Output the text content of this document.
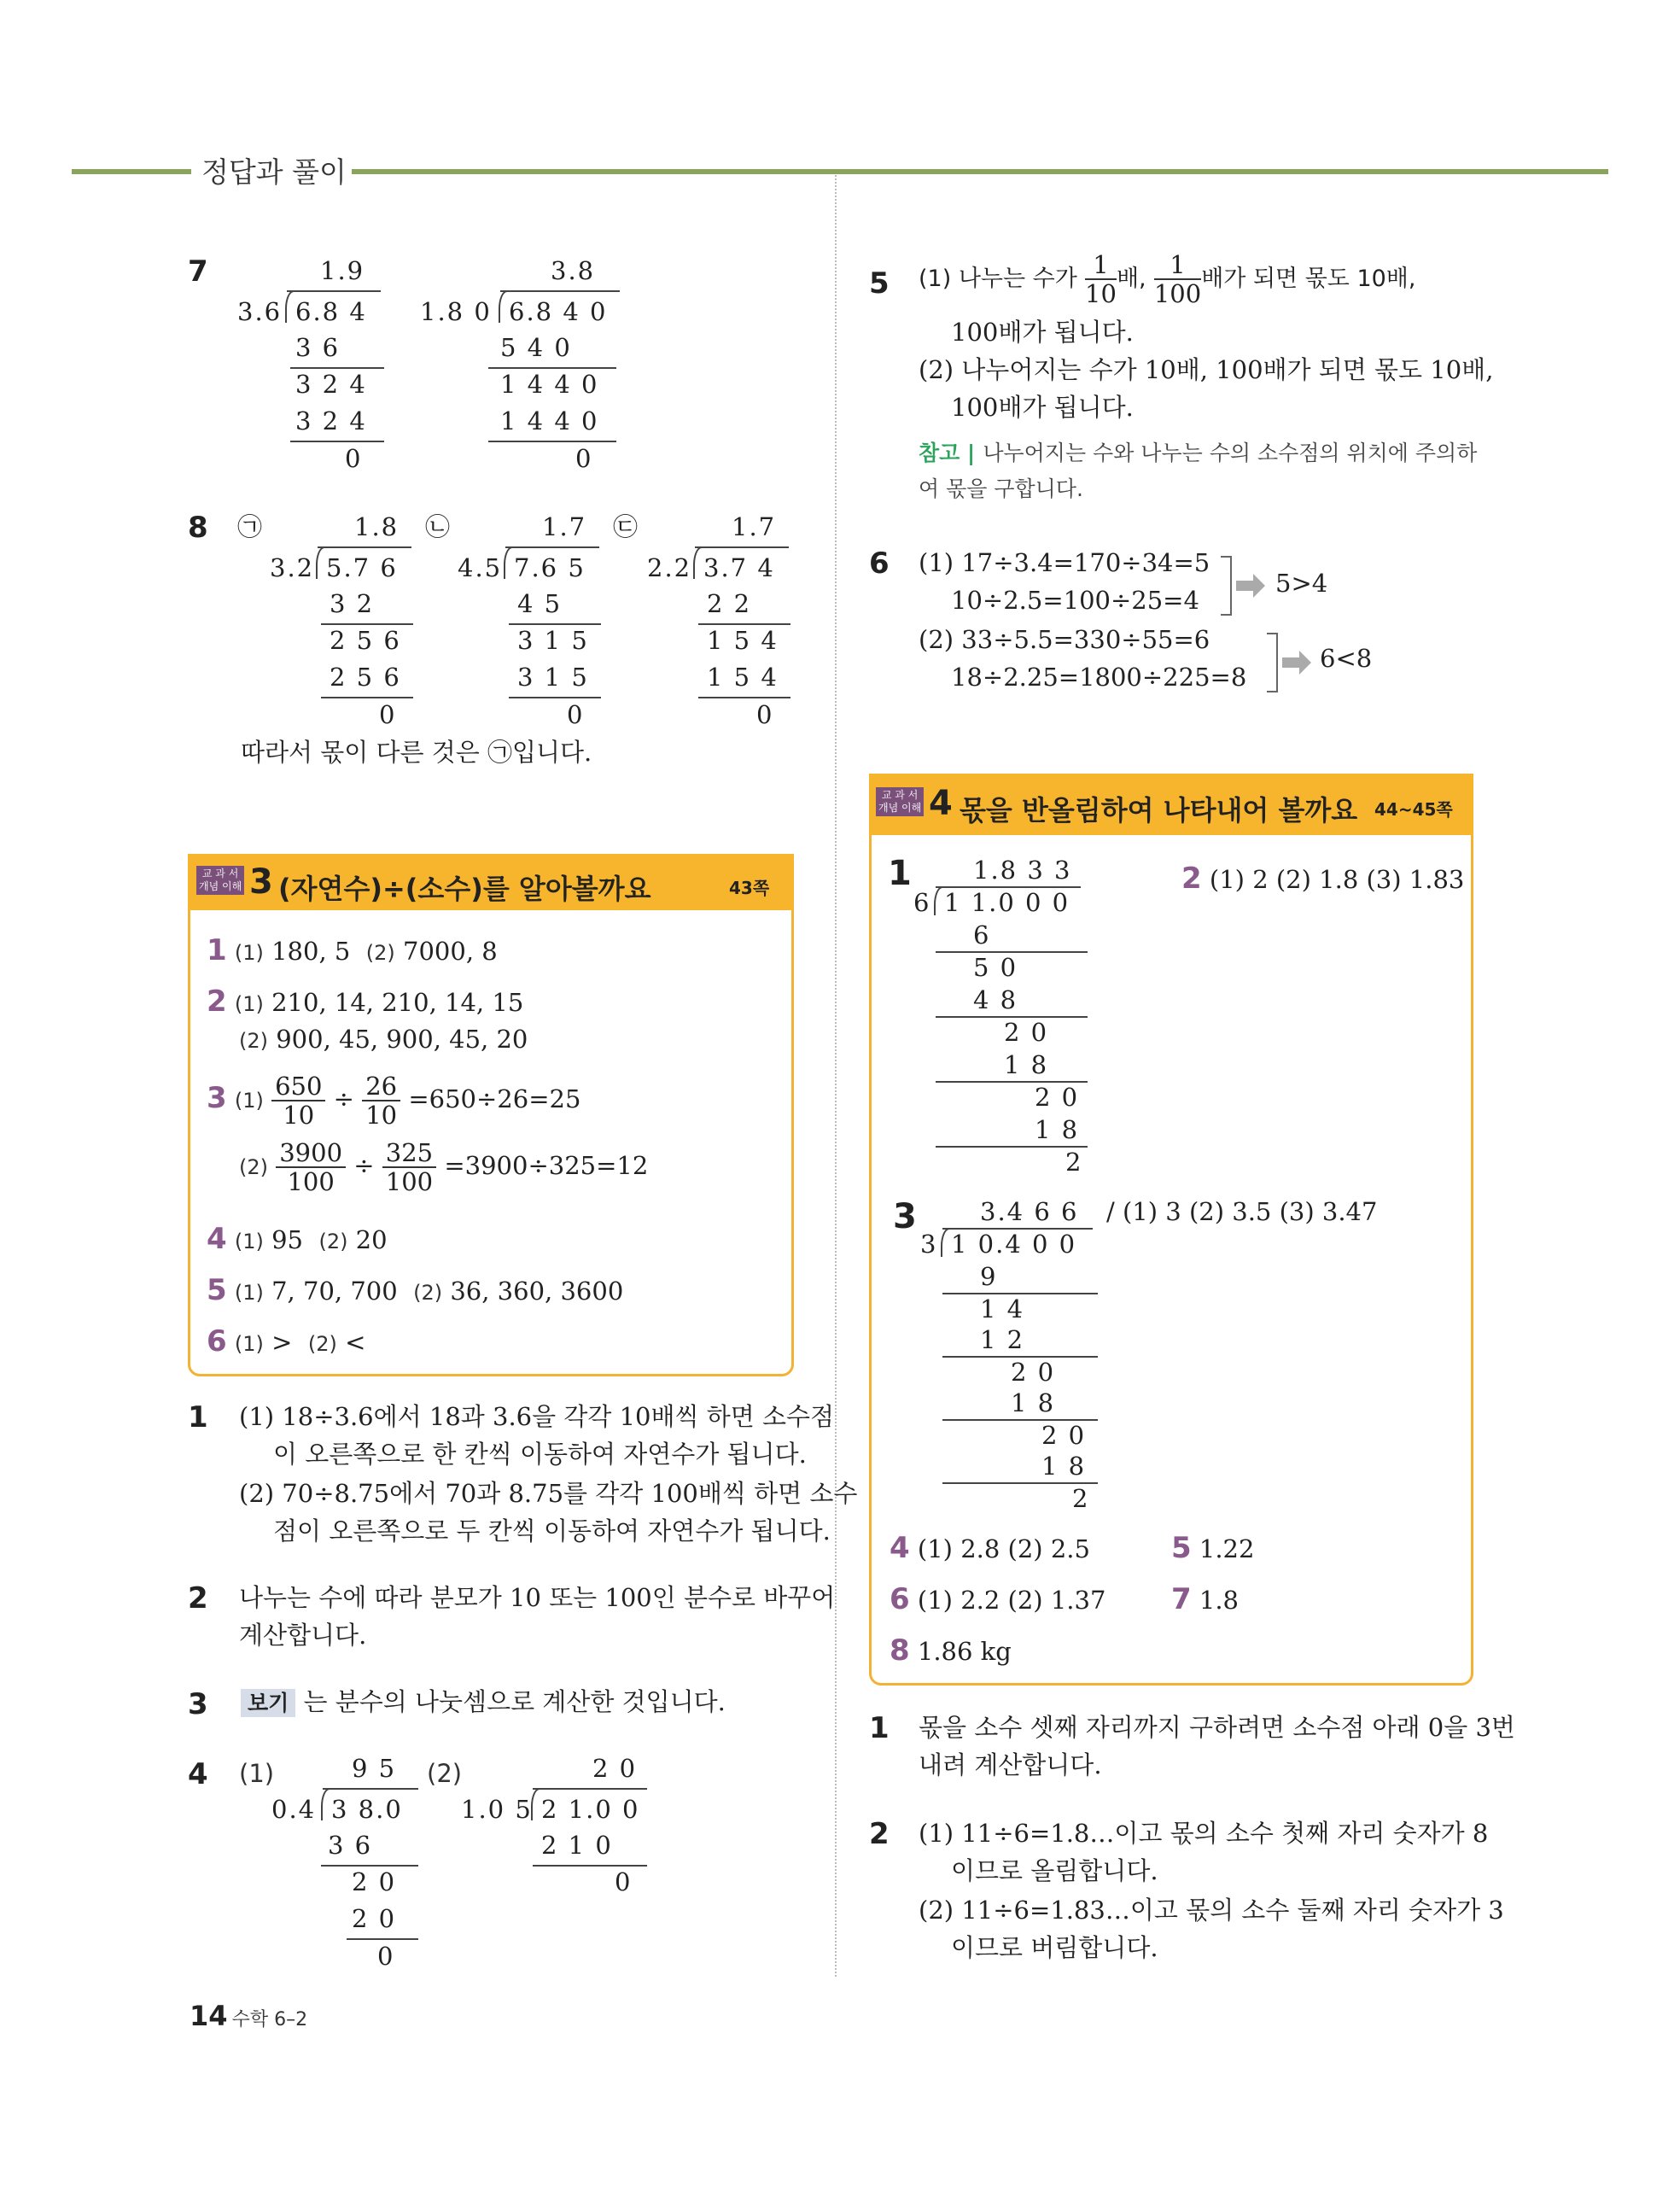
정답과 풀이
7	1.9
3.6 6.8 4
3 6
3 2 4
3 2 4
0
3.8
1.8 0 6.8 4 0
5 4 0
1 4 4 0
1 4 4 0
0
8 ㉠	㉡	㉢
1.8
3.2 5.7 6
3 2
2 5 6
2 5 6
0
1.7
4.5 7.6 5
4 5
3 1 5
3 1 5
0
1.7
2.2 3.7 4
2 2
1 5 4
1 5 4
0
따라서 몫이 다른 것은 ㉠입니다.
교 과 서
개념 이해 3 (자연수)÷(소수)를 알아볼까요	43쪽
1 (1) 180, 5 (2) 7000, 8
2 (1) 210, 14, 210, 14, 15
(2) 900, 45, 900, 45, 20
3 $(1) \frac{650}{10} \div \frac{26}{10} =650\div 26=25$
$(2) \frac{3900}{100} \div \frac{325}{100} =3900\div 325=12$
4 (1) 95 (2) 20
5 (1) 7, 70, 700 (2) 36, 360, 3600
6 (1) > (2) <
1 (1) 18÷3.6에서 18과 3.6을 각각 10배씩 하면 소수점
이 오른쪽으로 한 칸씩 이동하여 자연수가 됩니다.
(2) 70÷8.75에서 70과 8.75를 각각 100배씩 하면 소수
점이 오른쪽으로 두 칸씩 이동하여 자연수가 됩니다.
2 나누는 수에 따라 분모가 10 또는 100인 분수로 바꾸어
계산합니다.
3	보기 는 분수의 나눗셈으로 계산한 것입니다.
4 (1)	(2)
9 5
0.4 3 8.0
3 6
2 0
2 0
0
2 0
1.0 5 2 1.0 0
2 1 0
0
14 수학 6–2
5 (1) 나누는 수가 $\frac{1}{10}$ 배, $\frac{1}{100}$ 배가 되면 몫도 10배,
100배가 됩니다.
(2) 나누어지는 수가 10배, 100배가 되면 몫도 10배,
100배가 됩니다.
참고 | 나누어지는 수와 나누는 수의 소수점의 위치에 주의하
여 몫을 구합니다.
6 (1) 17÷3.4=170÷34=5
10÷2.5=100÷25=4
5>4
(2) 33÷5.5=330÷55=6
18÷2.25=1800÷225=8
6<8
교 과 서
개념 이해 4 몫을 반올림하여 나타내어 볼까요 44~45쪽
1 1.8 3 3
6 1 1.0 0 0
6
5 0
4 8
2 0
1 8
2 0
1 8
2
2 (1) 2 (2) 1.8 (3) 1.83
3	3.4 6 6
3 1 0.4 0 0
9
1 4
1 2
2 0
1 8
2 0
1 8
2
/ (1) 3 (2) 3.5 (3) 3.47
4 (1) 2.8 (2) 2.5	5 1.22
6 (1) 2.2 (2) 1.37 7 1.8
8 1.86 kg
1 몫을 소수 셋째 자리까지 구하려면 소수점 아래 0을 3번
내려 계산합니다.
2 (1) 11÷6=1.8…이고 몫의 소수 첫째 자리 숫자가 8
이므로 올림합니다.
(2) 11÷6=1.83…이고 몫의 소수 둘째 자리 숫자가 3
이므로 버림합니다.
